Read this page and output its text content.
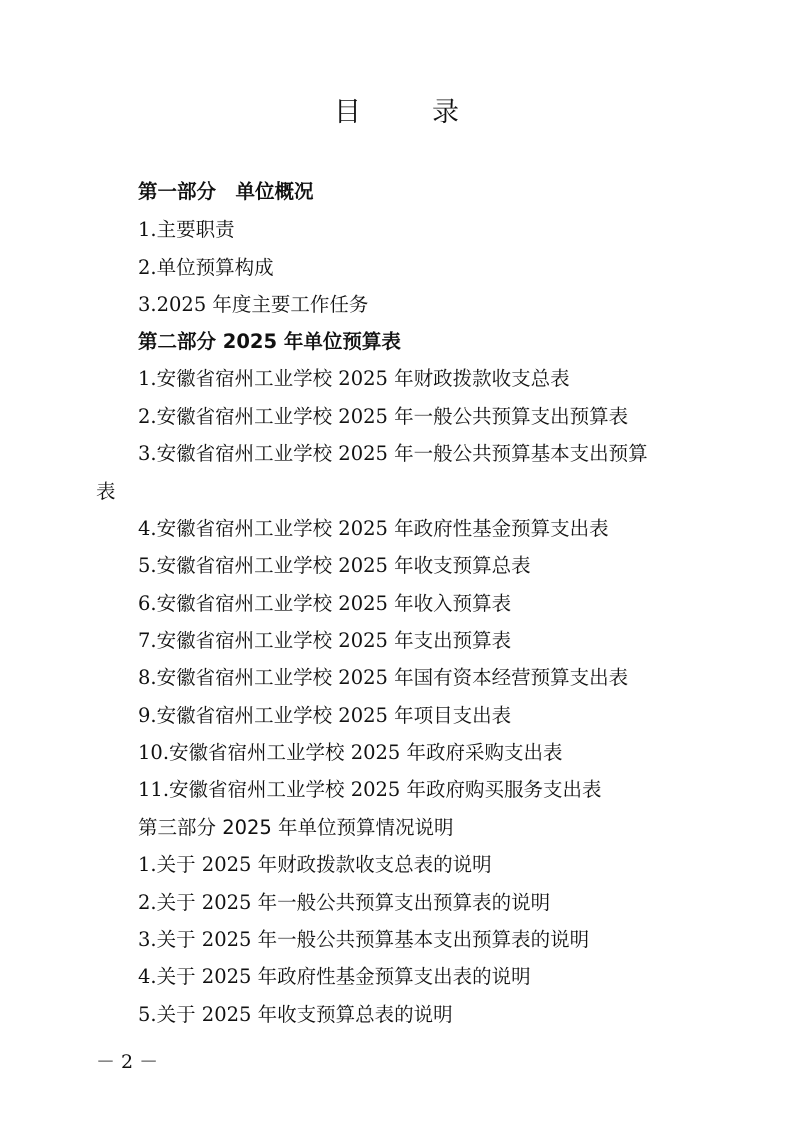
目　录
第一部分　单位概况
1.主要职责
2.单位预算构成
3.2025 年度主要工作任务
第二部分 2025 年单位预算表
1.安徽省宿州工业学校 2025 年财政拨款收支总表
2.安徽省宿州工业学校 2025 年一般公共预算支出预算表
3.安徽省宿州工业学校 2025 年一般公共预算基本支出预算
表
4.安徽省宿州工业学校 2025 年政府性基金预算支出表
5.安徽省宿州工业学校 2025 年收支预算总表
6.安徽省宿州工业学校 2025 年收入预算表
7.安徽省宿州工业学校 2025 年支出预算表
8.安徽省宿州工业学校 2025 年国有资本经营预算支出表
9.安徽省宿州工业学校 2025 年项目支出表
10.安徽省宿州工业学校 2025 年政府采购支出表
11.安徽省宿州工业学校 2025 年政府购买服务支出表
第三部分 2025 年单位预算情况说明
1.关于 2025 年财政拨款收支总表的说明
2.关于 2025 年一般公共预算支出预算表的说明
3.关于 2025 年一般公共预算基本支出预算表的说明
4.关于 2025 年政府性基金预算支出表的说明
5.关于 2025 年收支预算总表的说明
－ 2 －
